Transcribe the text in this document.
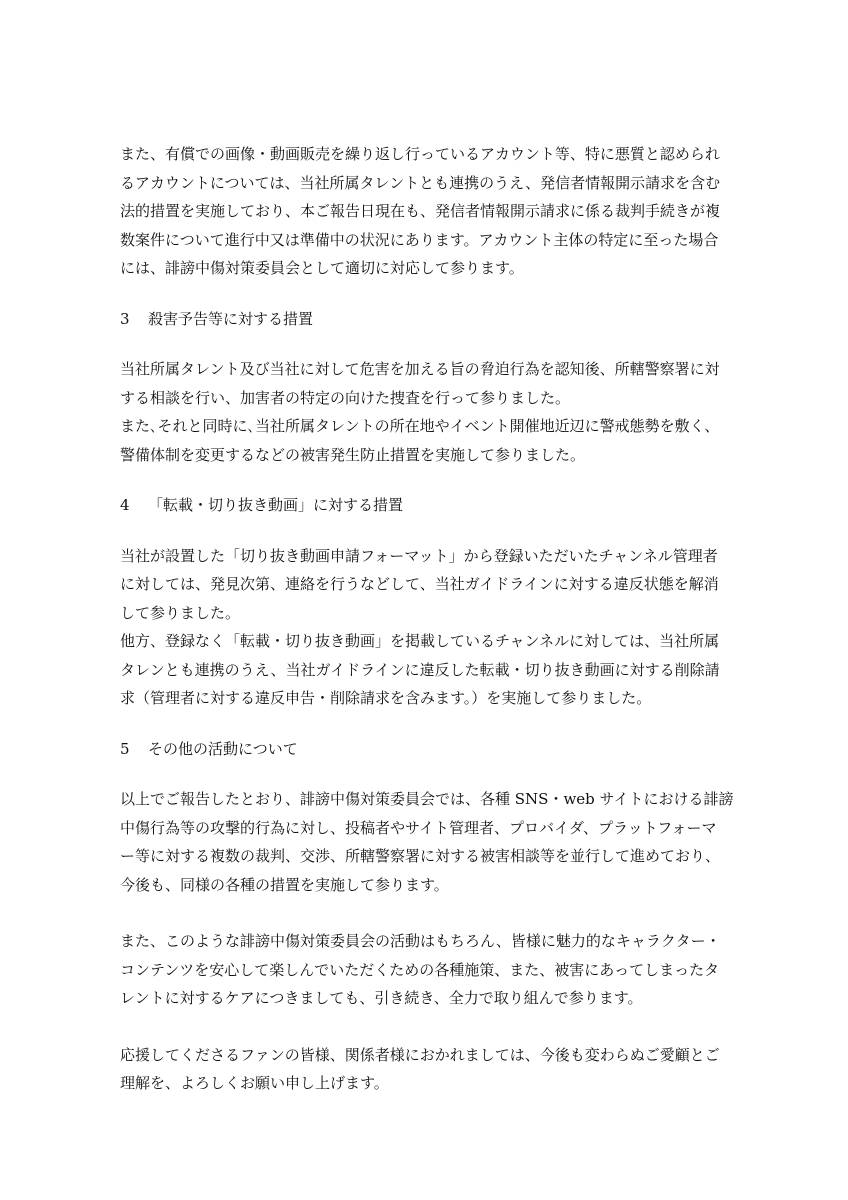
また、有償での画像・動画販売を繰り返し行っているアカウント等、特に悪質と認められ

るアカウントについては、当社所属タレントとも連携のうえ、発信者情報開示請求を含む

法的措置を実施しており、本ご報告日現在も、発信者情報開示請求に係る裁判手続きが複

数案件について進行中又は準備中の状況にあります。アカウント主体の特定に至った場合

には、誹謗中傷対策委員会として適切に対応して参ります。

3 殺害予告等に対する措置

当社所属タレント及び当社に対して危害を加える旨の脅迫行為を認知後、所轄警察署に対

する相談を行い、加害者の特定の向けた捜査を行って参りました。

また､それと同時に､当社所属タレントの所在地やイベント開催地近辺に警戒態勢を敷く、

警備体制を変更するなどの被害発生防止措置を実施して参りました。

4 「転載・切り抜き動画」に対する措置

当社が設置した「切り抜き動画申請フォーマット」から登録いただいたチャンネル管理者

に対しては、発見次第、連絡を行うなどして、当社ガイドラインに対する違反状態を解消

して参りました。

他方、登録なく「転載・切り抜き動画」を掲載しているチャンネルに対しては、当社所属

タレンとも連携のうえ、当社ガイドラインに違反した転載・切り抜き動画に対する削除請

求（管理者に対する違反申告・削除請求を含みます。）を実施して参りました。

5 その他の活動について

以上でご報告したとおり、誹謗中傷対策委員会では、各種 SNS・web サイトにおける誹謗

中傷行為等の攻撃的行為に対し、投稿者やサイト管理者、プロバイダ、プラットフォーマ

ー等に対する複数の裁判、交渉、所轄警察署に対する被害相談等を並行して進めており、

今後も、同様の各種の措置を実施して参ります。

また、このような誹謗中傷対策委員会の活動はもちろん、皆様に魅力的なキャラクター・

コンテンツを安心して楽しんでいただくための各種施策、また、被害にあってしまったタ

レントに対するケアにつきましても、引き続き、全力で取り組んで参ります。

応援してくださるファンの皆様、関係者様におかれましては、今後も変わらぬご愛顧とご

理解を、よろしくお願い申し上げます。
